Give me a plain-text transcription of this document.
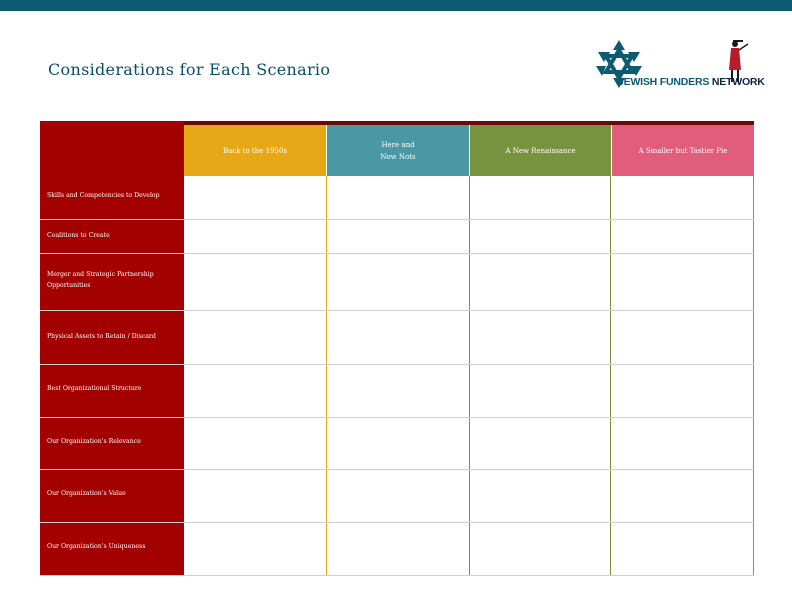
Considerations for Each Scenario
JEWISH FUNDERS NETWORK
Back to the 1950s
Here and Now Nots
A New Renaissance	A Smaller but Tastier Pie
Skills and Competencies to Develop
Coalitions to Create
Merger and Strategic Partnership Opportunities
Physical Assets to Retain / Discard
Best Organizational Structure
Our Organization's Relevance
Our Organization's Value
Our Organization's Uniqueness
